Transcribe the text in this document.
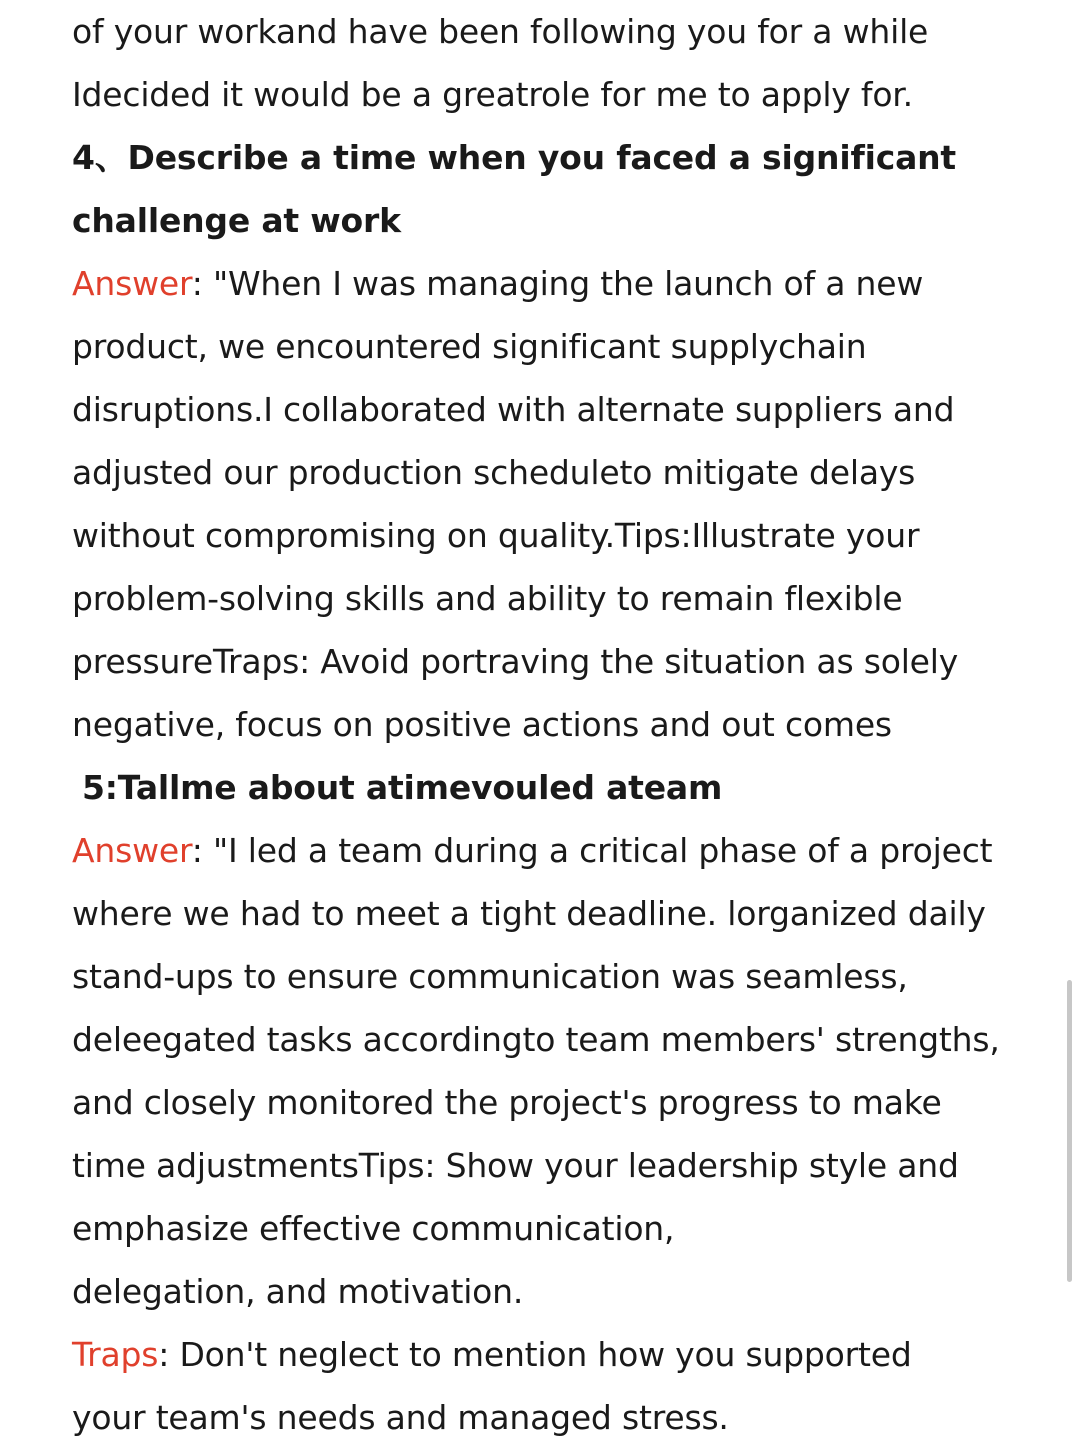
of your workand have been following you for a while
Idecided it would be a greatrole for me to apply for.
4、Describe a time when you faced a significant
challenge at work
Answer: "When I was managing the launch of a new
product, we encountered significant supplychain
disruptions.I collaborated with alternate suppliers and
adjusted our production scheduleto mitigate delays
without compromising on quality.Tips:Illustrate your
problem-solving skills and ability to remain flexible
pressureTraps: Avoid portraving the situation as solely
negative, focus on positive actions and out comes
5:Tallme about atimevouled ateam
Answer: "I led a team during a critical phase of a project
where we had to meet a tight deadline. lorganized daily
stand-ups to ensure communication was seamless,
deleegated tasks accordingto team members' strengths,
and closely monitored the project's progress to make
time adjustmentsTips: Show your leadership style and
emphasize effective communication,
delegation, and motivation.
Traps: Don't neglect to mention how you supported
your team's needs and managed stress.
